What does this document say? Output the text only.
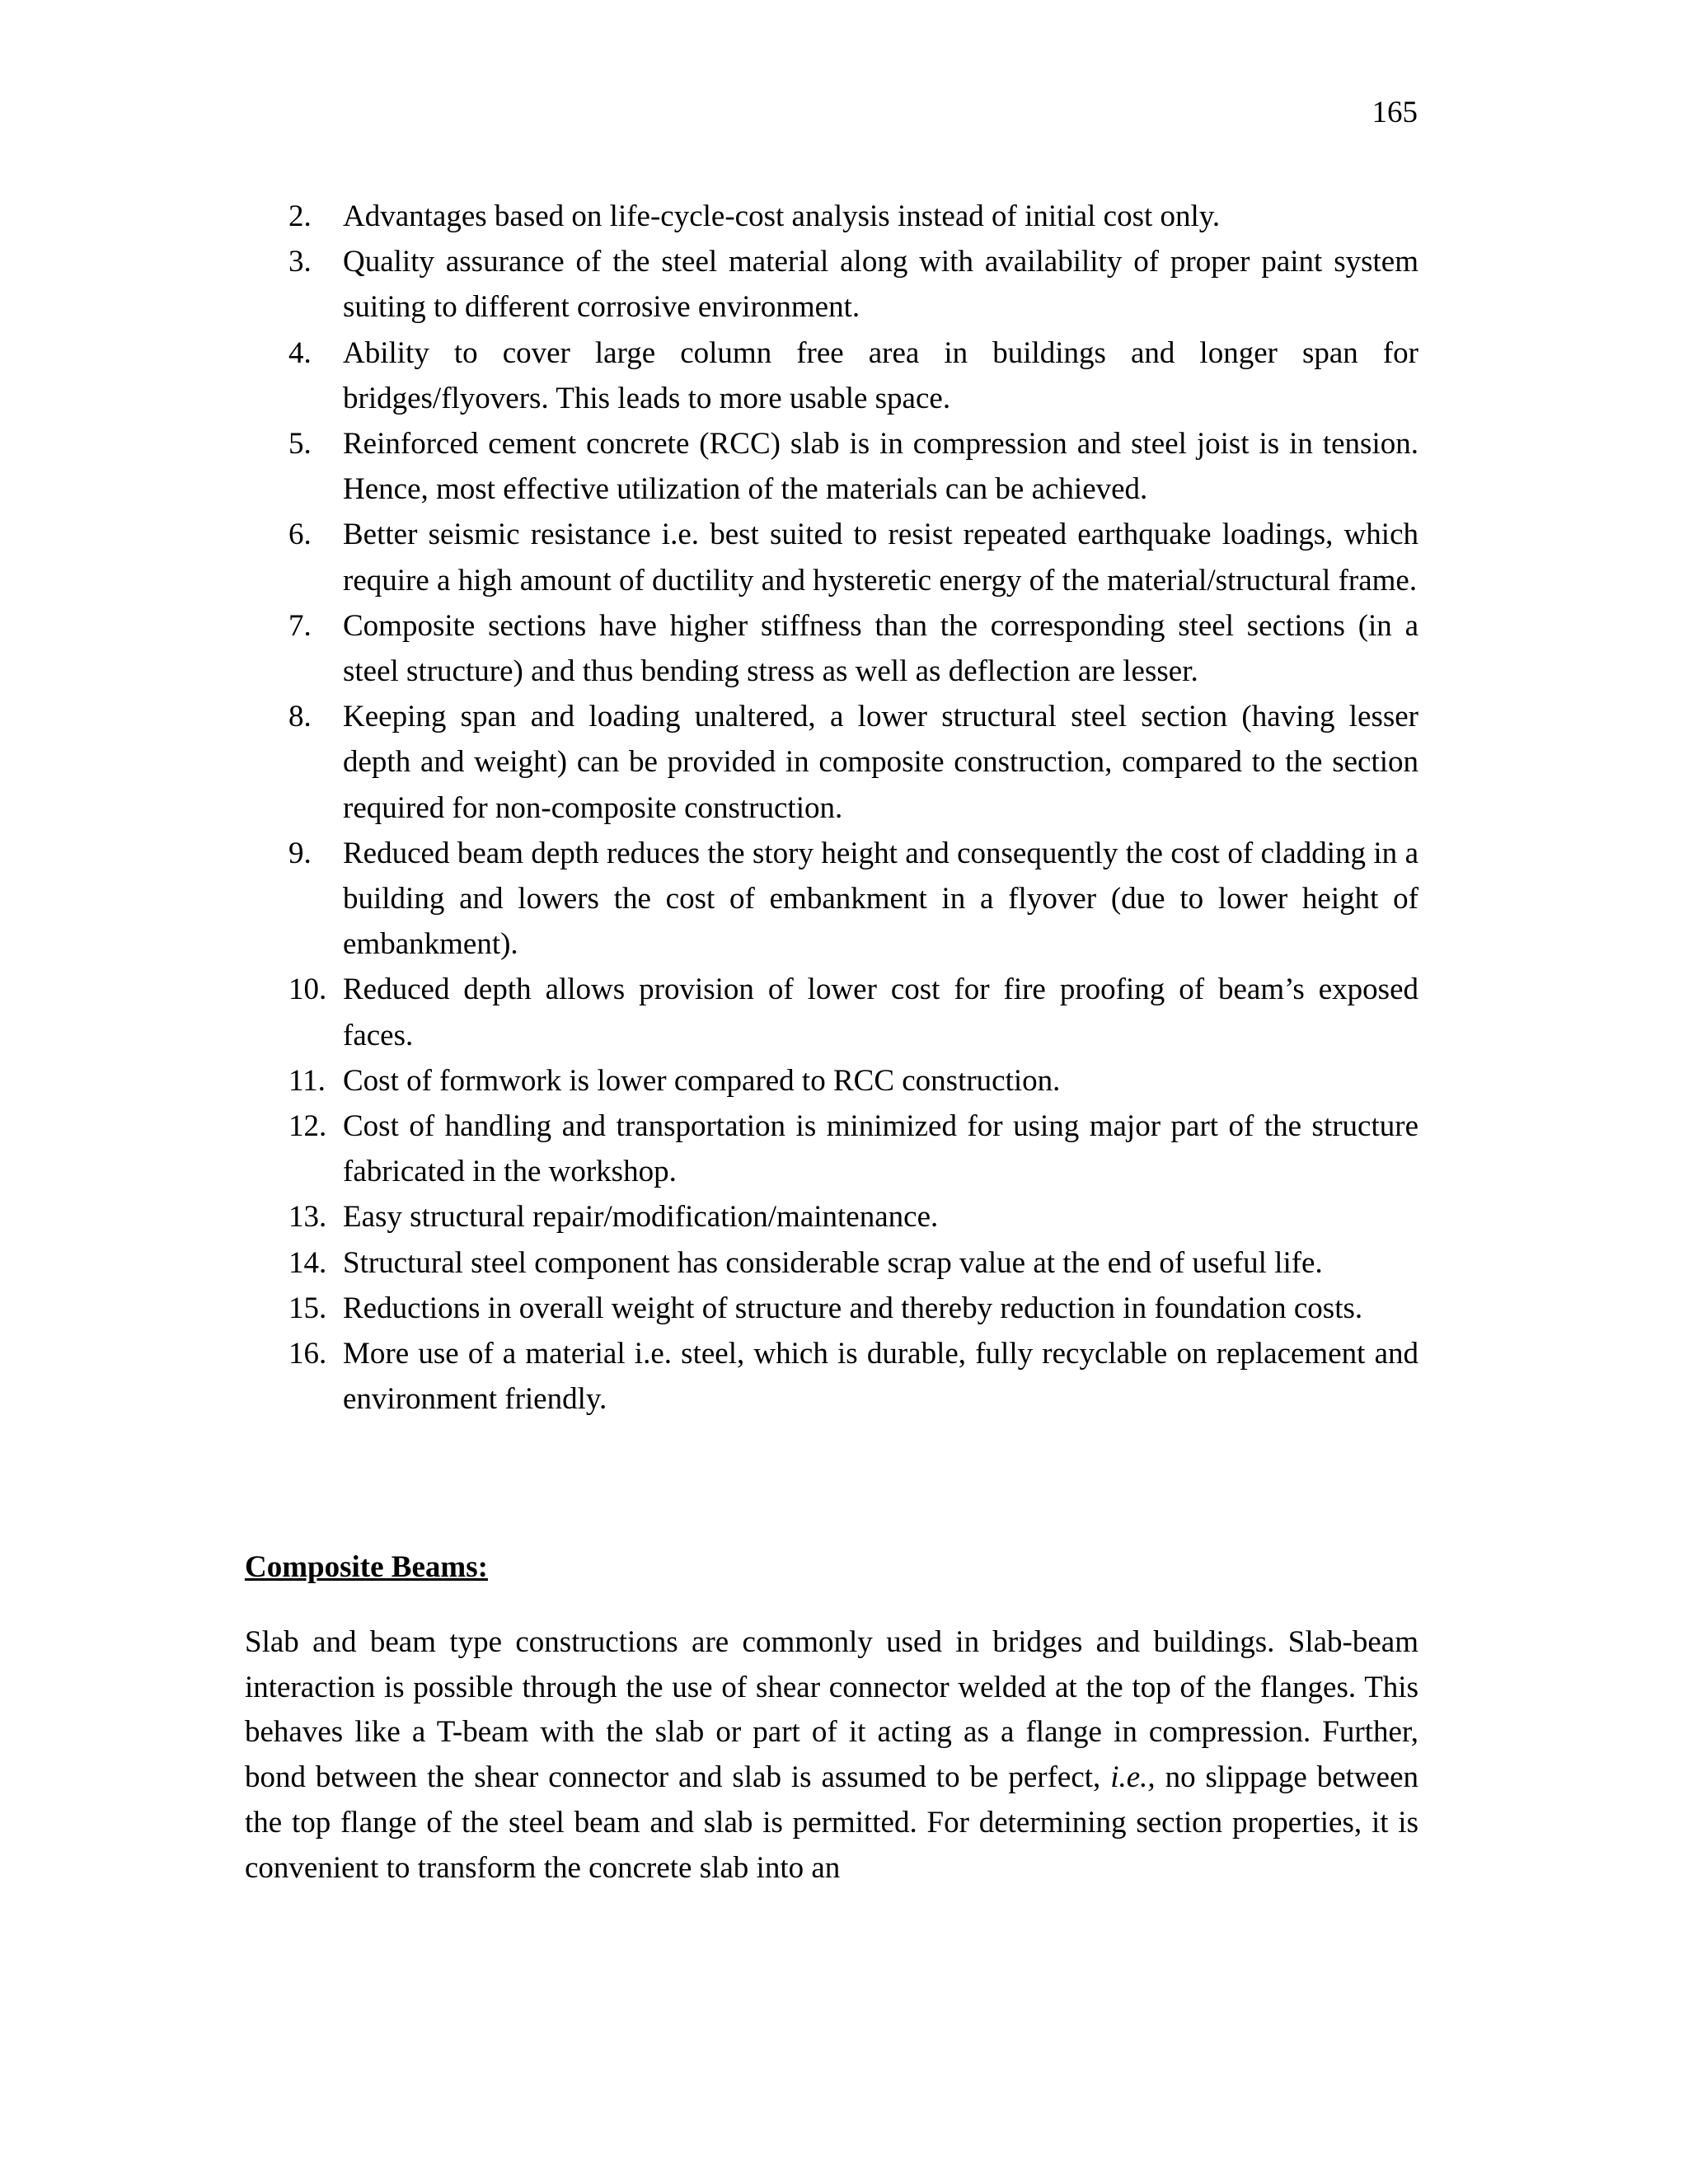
165
2.	Advantages based on life-cycle-cost analysis instead of initial cost only.
3.	Quality assurance of the steel material along with availability of proper paint system suiting to different corrosive environment.
4.	Ability to cover large column free area in buildings and longer span for bridges/flyovers. This leads to more usable space.
5.	Reinforced cement concrete (RCC) slab is in compression and steel joist is in tension. Hence, most effective utilization of the materials can be achieved.
6.	Better seismic resistance i.e. best suited to resist repeated earthquake loadings, which require a high amount of ductility and hysteretic energy of the material/structural frame.
7.	Composite sections have higher stiffness than the corresponding steel sections (in a steel structure) and thus bending stress as well as deflection are lesser.
8.	Keeping span and loading unaltered, a lower structural steel section (having lesser depth and weight) can be provided in composite construction, compared to the section required for non-composite construction.
9.	Reduced beam depth reduces the story height and consequently the cost of cladding in a building and lowers the cost of embankment in a flyover (due to lower height of embankment).
10. Reduced depth allows provision of lower cost for fire proofing of beam’s exposed faces.
11. Cost of formwork is lower compared to RCC construction.
12. Cost of handling and transportation is minimized for using major part of the structure fabricated in the workshop.
13. Easy structural repair/modification/maintenance.
14. Structural steel component has considerable scrap value at the end of useful life.
15. Reductions in overall weight of structure and thereby reduction in foundation costs.
16. More use of a material i.e. steel, which is durable, fully recyclable on replacement and environment friendly.
Composite Beams:

Slab and beam type constructions are commonly used in bridges and buildings. Slab-beam interaction is possible through the use of shear connector welded at the top of the flanges. This behaves like a T-beam with the slab or part of it acting as a flange in compression. Further, bond between the shear connector and slab is assumed to be perfect, i.e., no slippage between the top flange of the steel beam and slab is permitted. For determining section properties, it is convenient to transform the concrete slab into an
